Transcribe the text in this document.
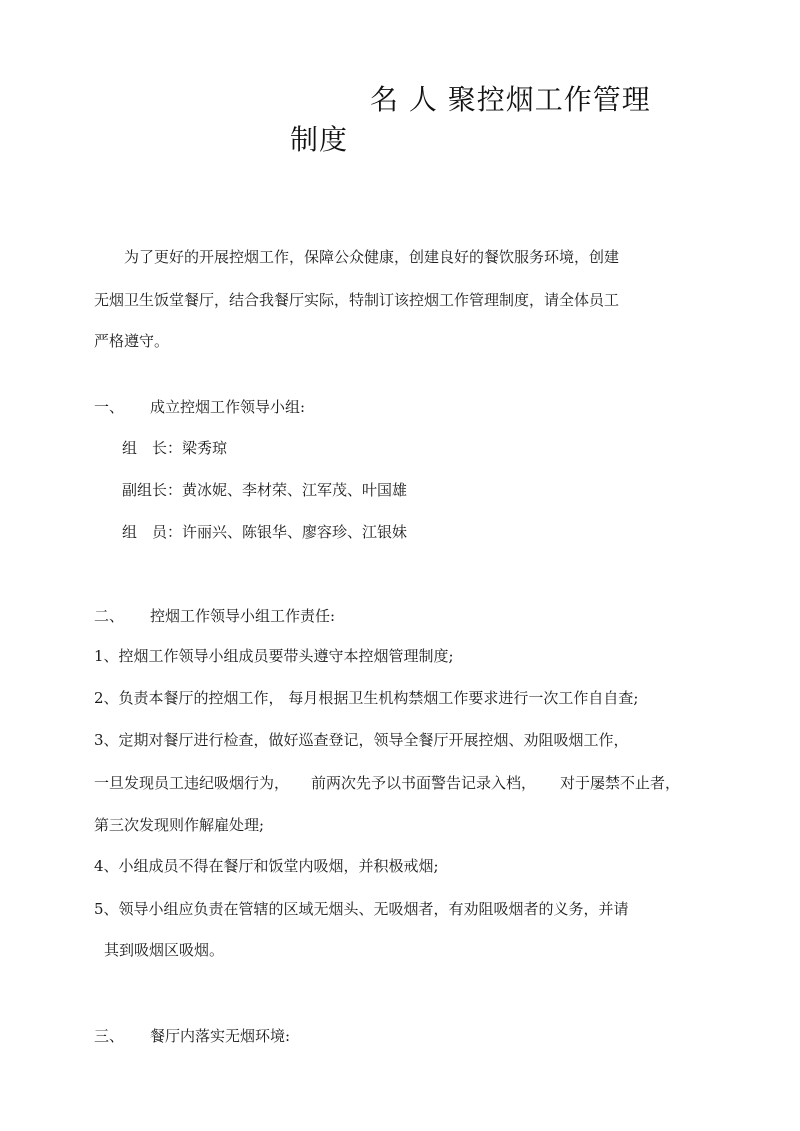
名 人 聚控烟工作管理
制度
为了更好的开展控烟工作，保障公众健康，创建良好的餐饮服务环境，创建
无烟卫生饭堂餐厅，结合我餐厅实际，特制订该控烟工作管理制度，请全体员工
严格遵守。
一、 成立控烟工作领导小组:
组　长：梁秀琼
副组长：黄冰妮、李材荣、江军茂、叶国雄
组　员：许丽兴、陈银华、廖容珍、江银妹
二、 控烟工作领导小组工作责任:
1、控烟工作领导小组成员要带头遵守本控烟管理制度;
2、负责本餐厅的控烟工作， 每月根据卫生机构禁烟工作要求进行一次工作自自查;
3、定期对餐厅进行检查，做好巡查登记，领导全餐厅开展控烟、劝阻吸烟工作，
一旦发现员工违纪吸烟行为， 前两次先予以书面警告记录入档， 对于屡禁不止者，
第三次发现则作解雇处理;
4、小组成员不得在餐厅和饭堂内吸烟，并积极戒烟;
5、领导小组应负责在管辖的区域无烟头、无吸烟者，有劝阻吸烟者的义务，并请
其到吸烟区吸烟。
三、 餐厅内落实无烟环境:
